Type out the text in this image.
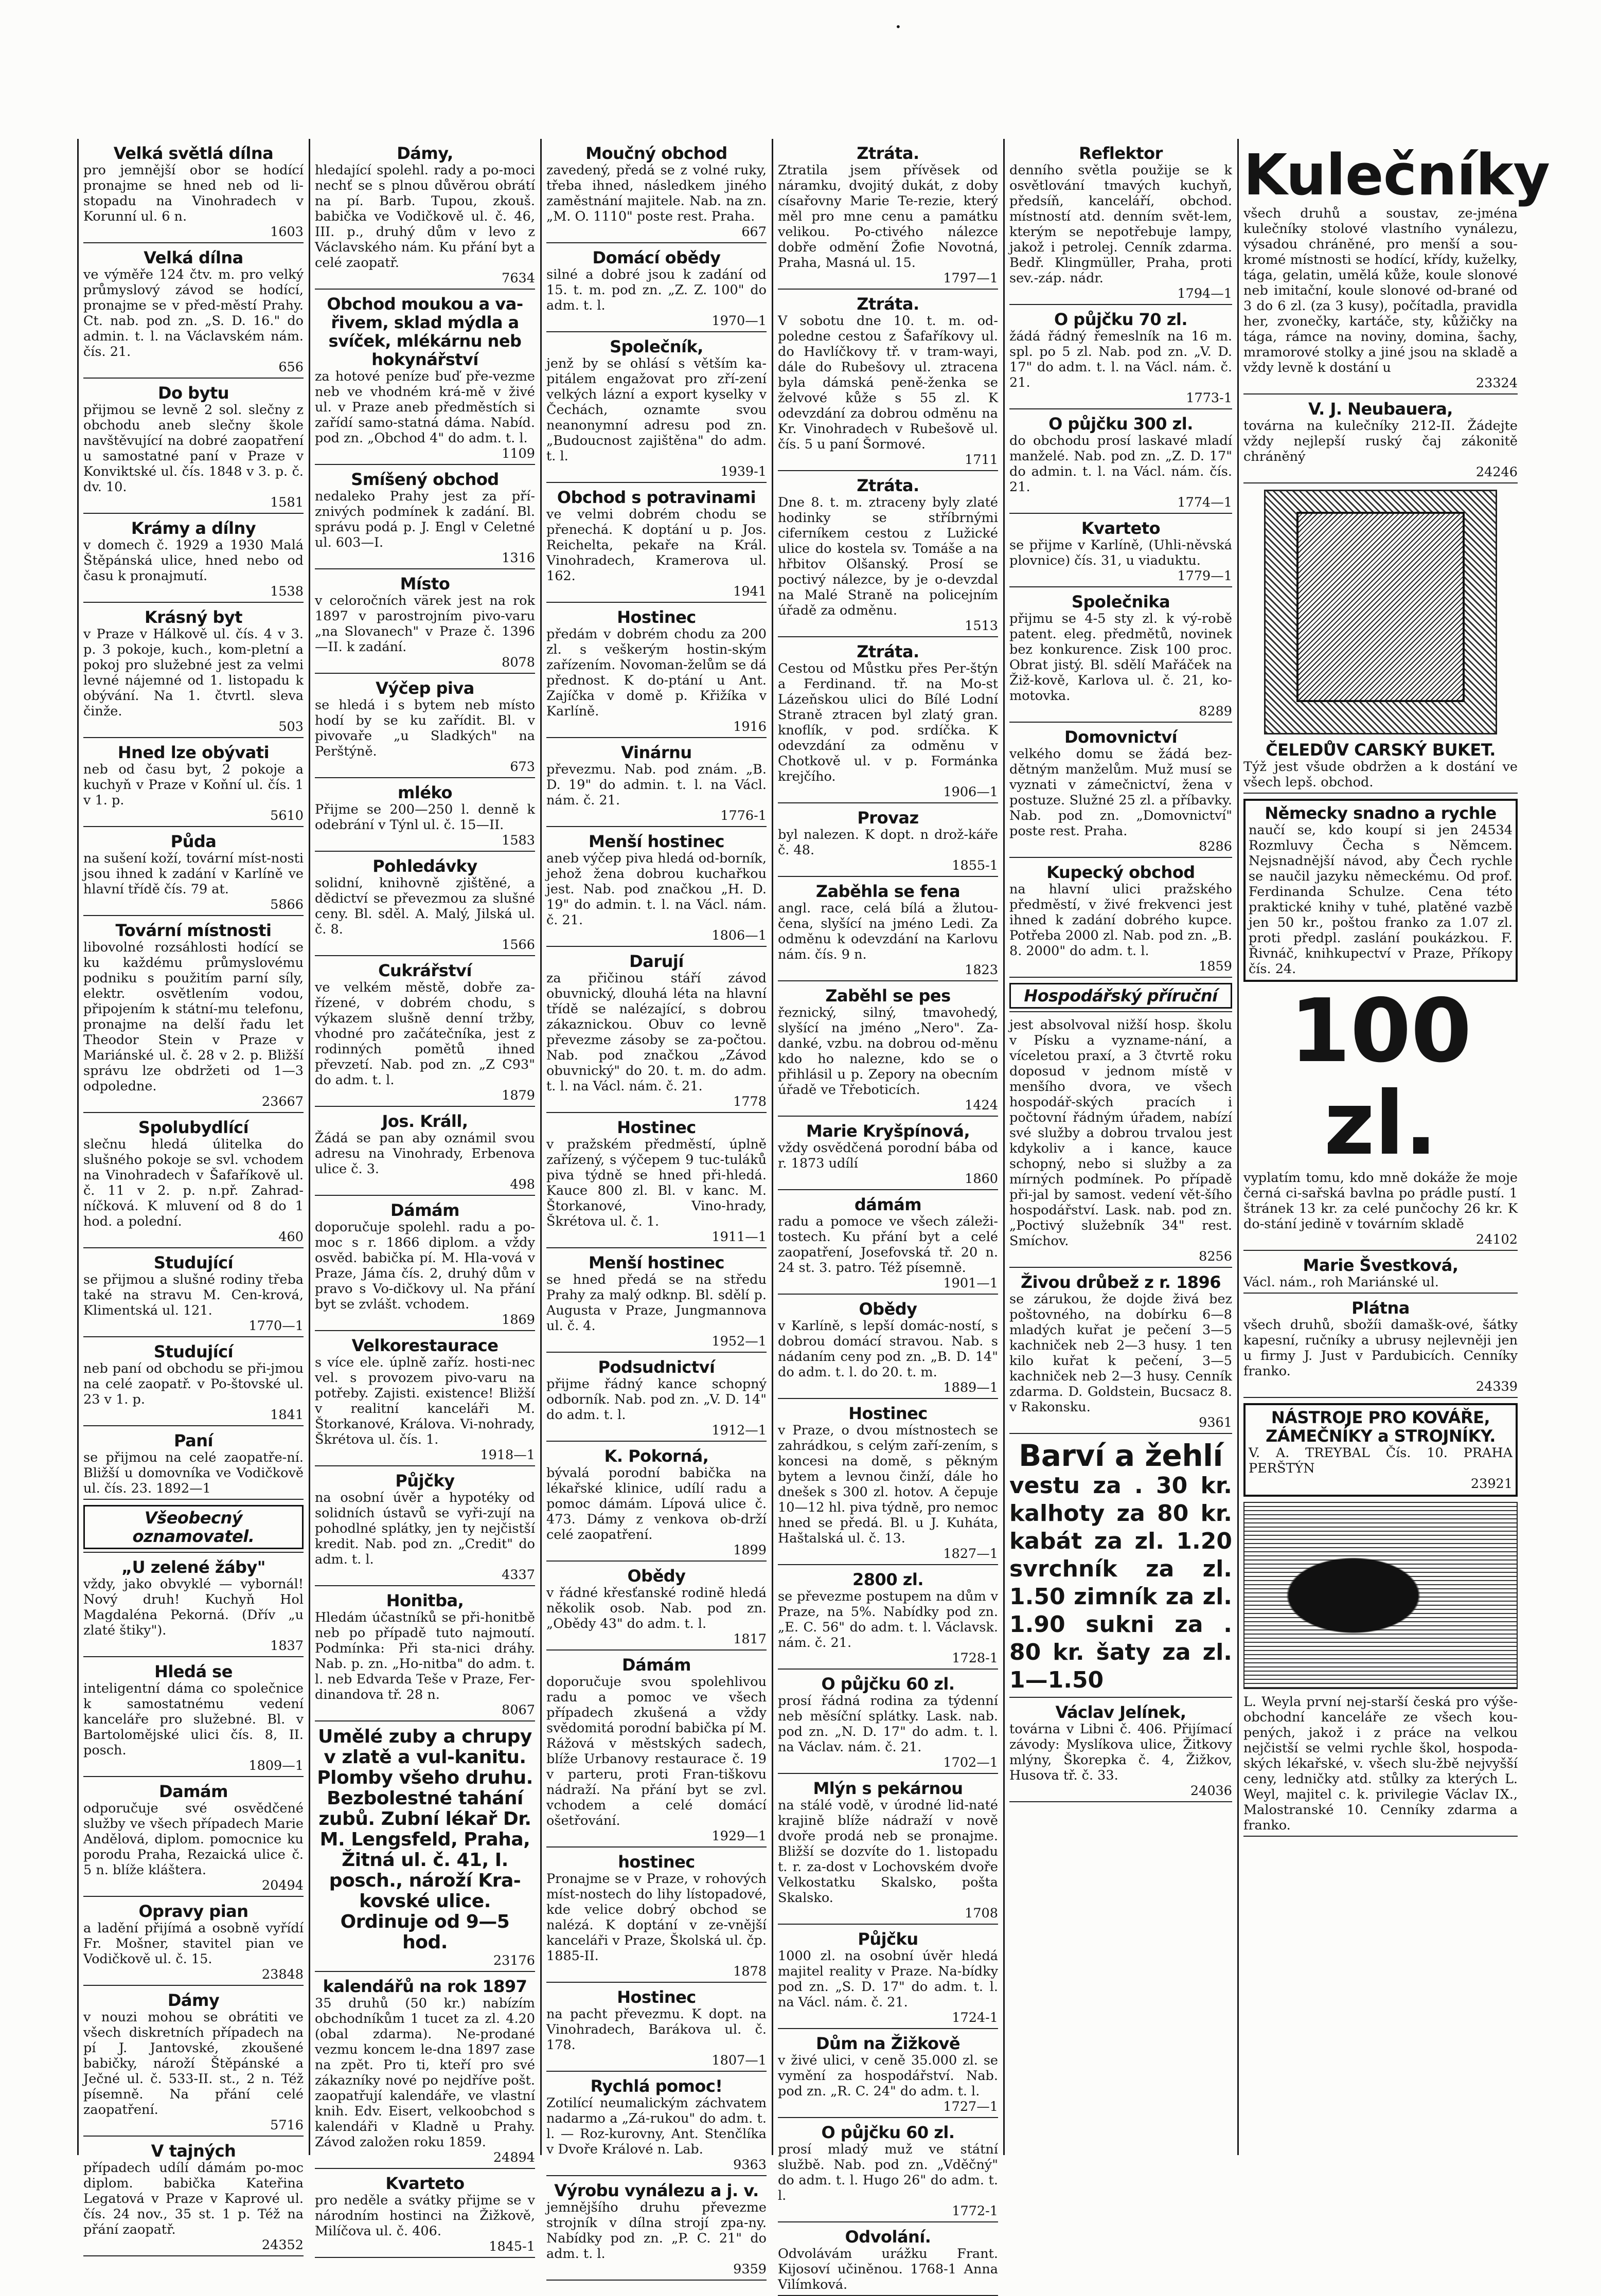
Velká světlá dílna

pro jemnější obor se hodící pronajme se hned neb od li-stopadu na Vinohradech v Korunní ul. 6 n.

1603
Velká dílna

ve výměře 124 čtv. m. pro velký průmyslový závod se hodící, pronajme se v před-městí Prahy. Ct. nab. pod zn. „S. D. 16." do admin. t. l. na Václavském nám. čís. 21.

656
Do bytu

přijmou se levně 2 sol. slečny z obchodu aneb slečny škole navštěvující na dobré zaopatření u samostatné paní v Praze v Konviktské ul. čís. 1848 v 3. p. č. dv. 10.

1581
Krámy a dílny

v domech č. 1929 a 1930 Malá Štěpánská ulice, hned nebo od času k pronajmutí.

1538
Krásný byt

v Praze v Hálkově ul. čís. 4 v 3. p. 3 pokoje, kuch., kom-pletní a pokoj pro služebné jest za velmi levné nájemné od 1. listopadu k obývání. Na 1. čtvrtl. sleva činže.

503
Hned lze obývati

neb od času byt, 2 pokoje a kuchyň v Praze v Koňní ul. čís. 1 v 1. p.

5610
Půda

na sušení koží, tovární míst-nosti jsou ihned k zadání v Karlíně ve hlavní třídě čís. 79 at.

5866
Tovární místnosti

libovolné rozsáhlosti hodící se ku každému průmyslovému podniku s použitím parní síly, elektr. osvětlením vodou, připojením k státní-mu telefonu, pronajme na delší řadu let Theodor Stein v Praze v Mariánské ul. č. 28 v 2. p. Bližší správu lze obdržeti od 1—3 odpoledne.

23667
Spolubydlící

slečnu hledá úlitelka do slušného pokoje se svl. vchodem na Vinohradech v Šafaříkově ul. č. 11 v 2. p. n.př. Zahrad-níčková. K mluvení od 8 do 1 hod. a polední.

460
Studující

se přijmou a slušné rodiny třeba také na stravu M. Cen-krová, Klimentská ul. 121.

1770—1
Studující

neb paní od obchodu se při-jmou na celé zaopatř. v Po-štovské ul. 23 v 1. p.

1841
Paní

se přijmou na celé zaopatře-ní. Bližší u domovníka ve Vodičkově ul. čís. 23. 1892—1

Všeobecný oznamovatel.
„U zelené žáby"

vždy, jako obvyklé — vybornál! Nový druh! Kuchyň Hol Magdaléna Pekorná. (Dřív „u zlaté štiky").

1837
Hledá se

inteligentní dáma co společnice k samostatnému vedení kanceláře pro služebné. Bl. v Bartolomějské ulici čís. 8, II. posch.

1809—1
Damám

odporučuje své osvědčené služby ve všech případech Marie Andělová, diplom. pomocnice ku porodu Praha, Rezaická ulice č. 5 n. blíže kláštera.

20494
Opravy pian

a ladění přijímá a osobně vyřídí Fr. Mošner, stavitel pian ve Vodičkově ul. č. 15.

23848
Dámy

v nouzi mohou se obrátiti ve všech diskretních případech na pí J. Jantovské, zkoušené babičky, nároží Štěpánské a Ječné ul. č. 533-II. st., 2 n. Též písemně. Na přání celé zaopatření.

5716
V tajných

případech udílí dámám po-moc diplom. babička Kateřina Legatová v Praze v Kaprové ul. čís. 24 nov., 35 st. 1 p. Též na přání zaopatř.

24352
Dámy,

hledající spolehl. rady a po-moci nechť se s plnou důvěrou obrátí na pí. Barb. Tupou, zkouš. babička ve Vodičkově ul. č. 46, III. p., druhý dům v levo z Václavského nám. Ku přání byt a celé zaopatř.

7634
Obchod moukou a va-řivem, sklad mýdla a svíček, mlékárnu neb hokynářství

za hotové peníze buď pře-vezme neb ve vhodném krá-mě v živé ul. v Praze aneb předměstích si zařídí samo-statná dáma. Nabíd. pod zn. „Obchod 4" do adm. t. l.

1109
Smíšený obchod

nedaleko Prahy jest za pří-znivých podmínek k zadání. Bl. správu podá p. J. Engl v Celetné ul. 603—I.

1316
Místo

v celoročních värek jest na rok 1897 v parostrojním pivo-varu „na Slovanech" v Praze č. 1396—II. k zadání.

8078
Výčep piva

se hledá i s bytem neb místo hodí by se ku zařídit. Bl. v pivovaře „u Sladkých" na Perštýně.

673
mléko

Přijme se 200—250 l. denně k odebrání v Týnl ul. č. 15—II.

1583
Pohledávky

solidní, knihovně zjištěné, a dědictví se převezmou za slušné ceny. Bl. sděl. A. Malý, Jilská ul. č. 8.

1566
Cukrářství

ve velkém městě, dobře za-řízené, v dobrém chodu, s výkazem slušně denní tržby, vhodné pro začátečníka, jest z rodinných pomětů ihned převzetí. Nab. pod zn. „Z C93" do adm. t. l.

1879
Jos. Králl,

Žádá se pan aby oznámil svou adresu na Vinohrady, Erbenova ulice č. 3.

498
Dámám

doporučuje spolehl. radu a po-moc s r. 1866 diplom. a vždy osvěd. babička pí. M. Hla-vová v Praze, Jámа čís. 2, druhý dům v pravo s Vo-dičkovy ul. Na přání byt se zvlášt. vchodem.

1869
Velkorestaurace

s více ele. úplně zaříz. hosti-nec vel. s provozem pivo-varu na potřeby. Zajisti. existence! Bližší v realitní kanceláři M. Štorkanové, Králova. Vi-nohrady, Škrétova ul. čís. 1.

1918—1
Půjčky

na osobní úvěr a hypotéky od solidních ústavů se vyři-zují na pohodlné splátky, jen ty nejčistší kredit. Nab. pod zn. „Credit" do adm. t. l.

4337
Honitba,

Hledám účastníků se při-honitbě neb po případě tuto najmoutí. Podmínka: Při sta-nici dráhy. Nab. p. zn. „Ho-nitba" do adm. t. l. neb Edvarda Teše v Praze, Fer-dinandova tř. 28 n.

8067
Umělé zuby a chrupy v zlatě a vul-kanitu. Plomby všeho druhu. Bezbolestné tahání zubů. Zubní lékař Dr. M. Lengsfeld, Praha, Žitná ul. č. 41, I. posch., nároží Kra-kovské ulice. Ordinuje od 9—5 hod.
23176
kalendářů na rok 1897

35 druhů (50 kr.) nabízím obchodníkům 1 tucet za zl. 4.20 (obal zdarma). Ne-prodané vezmu koncem le-dna 1897 zase na zpět. Pro ti, kteří pro své zákazníky nové po nejdříve pošt. zaopatřují kalendáře, ve vlastní knih. Edv. Eisert, velkoobchod s kalendáři v Kladně u Prahy. Závod založen roku 1859.

24894
Kvarteto

pro neděle a svátky přijme se v národním hostinci na Žižkově, Milíčova ul. č. 406.

1845-1
Moučný obchod

zavedený, předá se z volné ruky, třeba ihned, následkem jiného zaměstnání majitele. Nab. na zn. „M. O. 1110" poste rest. Praha.

667
Domácí obědy

silné a dobré jsou k zadání od 15. t. m. pod zn. „Z. Z. 100" do adm. t. l.

1970—1
Společník,

jenž by se ohlásí s větším ka-pitálem engažovat pro zří-zení velkých lázní a export kyselky v Čechách, oznamte svou neanonymní adresu pod zn. „Budoucnost zajištěna" do adm. t. l.

1939-1
Obchod s potravinami

ve velmi dobrém chodu se přenechá. K doptání u p. Jos. Reichelta, pekaře na Král. Vinohradech, Kramerova ul. 162.

1941
Hostinec

předám v dobrém chodu za 200 zl. s veškerým hostin-ským zařízením. Novoman-želům se dá přednost. K do-ptání u Ant. Zajíčka v domě p. Křižíka v Karlíně.

1916
Vinárnu

převezmu. Nab. pod znám. „B. D. 19" do admin. t. l. na Václ. nám. č. 21.

1776-1
Menší hostinec

aneb výčep piva hledá od-borník, jehož žena dobrou kuchařkou jest. Nab. pod značkou „H. D. 19" do admin. t. l. na Václ. nám. č. 21.

1806—1
Darují

za přičinou stáří závod obuvnický, dlouhá léta na hlavní třídě se nalézající, s dobrou zákaznickou. Obuv co levně převezme zásoby se za-počtou. Nab. pod značkou „Závod obuvnický" do 20. t. m. do adm. t. l. na Václ. nám. č. 21.

1778
Hostinec

v pražském předměstí, úplně zařízený, s výčepem 9 tuc-tuláků piva týdně se hned při-hledá. Kauce 800 zl. Bl. v kanc. M. Štorkanové, Vino-hrady, Škrétova ul. č. 1.

1911—1
Menší hostinec

se hned předá se na středu Prahy za malý odknp. Bl. sdělí p. Augusta v Praze, Jungmannova ul. č. 4.

1952—1
Podsudnictví

přijme řádný kance schopný odborník. Nab. pod zn. „V. D. 14" do adm. t. l.

1912—1
K. Pokorná,

bývalá porodní babička na lékařské klinice, udílí radu a pomoc dámám. Lípová ulice č. 473. Dámy z venkova ob-drží celé zaopatření.

1899
Obědy

v řádné křesťanské rodině hledá několik osob. Nab. pod zn. „Obědy 43" do adm. t. l.

1817
Dámám

doporučuje svou spolehlivou radu a pomoc ve všech případech zkušená a vždy svědomitá porodní babička pí M. Rážová v městských sadech, blíže Urbanovy restaurace č. 19 v parteru, proti Fran-tiškovu nádraží. Na přání byt se zvl. vchodem a celé domácí ošetřování.

1929—1
hostinec

Pronajme se v Praze, v rohových míst-nostech do lihy lístopadové, kde velice dobrý obchod se nalézá. K doptání v ze-vnější kanceláři v Praze, Školská ul. čp. 1885-II.

1878
Hostinec

na pacht převezmu. K dopt. na Vinohradech, Barákova ul. č. 178.

1807—1
Rychlá pomoc!

Zotilící neumalickým záchvatem nadarmo a „Zá-rukou" do adm. t. l. — Roz-kurovny, Ant. Stenčlíka v Dvoře Králové n. Lab.

9363
Výrobu vynálezu a j. v.

jemnějšího druhu převezme strojník v dílna strojí zpa-ny. Nabídky pod zn. „P. C. 21" do adm. t. l.

9359
Ztráta.

Ztratila jsem přívěsek od náramku, dvojitý dukát, z doby císařovny Marie Te-rezie, který měl pro mne cenu a památku velikou. Po-ctivého nálezce dobře odmění Žofie Novotná, Praha, Masná ul. 15.

1797—1
Ztráta.

V sobotu dne 10. t. m. od-poledne cestou z Šafaříkovy ul. do Havlíčkovy tř. v tram-wayi, dále do Rubešovy ul. ztracena byla dámská peně-ženka se želvové kůže s 55 zl. K odevzdání za dobrou odměnu na Kr. Vinohradech v Rubešově ul. čís. 5 u paní Šormové.

1711
Ztráta.

Dne 8. t. m. ztraceny byly zlaté hodinky se stříbrnými ciferníkem cestou z Lužické ulice do kostela sv. Tomáše a na hřbitov Olšanský. Prosí se poctivý nálezce, by je o-devzdal na Malé Straně na policejním úřadě za odměnu.

1513
Ztráta.

Cestou od Můstku přes Per-štýn a Ferdinand. tř. na Mo-st Lázeňskou ulici do Bílé Lodní Straně ztracen byl zlatý gran. knoflík, v pod. srdíčka. K odevzdání za odměnu v Chotkově ul. v p. Formánka krejčího.

1906—1
Provaz

byl nalezen. K dopt. n drož-káře č. 48.

1855-1
Zaběhla se fena

angl. race, celá bílá a žlutou-čena, slyšící na jméno Ledi. Za odměnu k odevzdání na Karlovu nám. čís. 9 n.

1823
Zaběhl se pes

řeznický, silný, tmavohedý, slyšící na jméno „Nero". Za-danké, vzbu. na dobrou od-měnu kdo ho nalezne, kdo se o přihlásil u p. Zepory na obecním úřadě ve Třeboticích.

1424
Marie Kryšpínová,

vždy osvědčená porodní bába od r. 1873 udílí

1860
dámám

radu a pomoce ve všech záleži-tostech. Ku přání byt a celé zaopatření, Josefovská tř. 20 n. 24 st. 3. patro. Též písemně.

1901—1
Obědy

v Karlíně, s lepší domác-ností, s dobrou domácí stravou. Nab. s nádaním ceny pod zn. „B. D. 14" do adm. t. l. do 20. t. m.

1889—1
Hostinec

v Praze, o dvou místnostech se zahrádkou, s celým zaří-zením, s koncesi na domě, s pěkným bytem a levnou činží, dále ho dnešek s 300 zl. hotov. A čepuje 10—12 hl. piva týdně, pro nemoc hned se předá. Bl. u J. Kuháta, Haštalská ul. č. 13.

1827—1
2800 zl.

se převezme postupem na dům v Praze, na 5%. Nabídky pod zn. „E. C. 56" do adm. t. l. Václavsk. nám. č. 21.

1728-1
O půjčku 60 zl.

prosí řádná rodina za týdenní neb měsíční splátky. Lask. nab. pod zn. „N. D. 17" do adm. t. l. na Václav. nám. č. 21.

1702—1
Mlýn s pekárnou

na stálé vodě, v úrodné lid-naté krajině blíže nádraží v nově dvoře prodá neb se pronajme. Bližší se dozvíte do 1. listopadu t. r. za-dost v Lochovském dvoře Velkostatku Skalsko, pošta Skalsko.

1708
Půjčku

1000 zl. na osobní úvěr hledá majitel reality v Praze. Na-bídky pod zn. „S. D. 17" do adm. t. l. na Václ. nám. č. 21.

1724-1
Dům na Žižkově

v živé ulici, v ceně 35.000 zl. se vymění za hospodářství. Nab. pod zn. „R. C. 24" do adm. t. l.

1727—1
O půjčku 60 zl.

prosí mladý muž ve státní službě. Nab. pod zn. „Vděčný" do adm. t. l. Hugo 26" do adm. t. l.

1772-1
Odvolání.

Odvolávám urážku Frant. Kijosoví učiněnou. 1768-1 Anna Vilímková.

Reflektor

denního světla použije se k osvětlování tmavých kuchyň, předsíň, kanceláří, obchod. místností atd. denním svět-lem, kterým se nepotřebuje lampy, jakož i petrolej. Cenník zdarma. Bedř. Klingmüller, Praha, proti sev.-záp. nádr.

1794—1
O půjčku 70 zl.

žádá řádný řemeslník na 16 m. spl. po 5 zl. Nab. pod zn. „V. D. 17" do adm. t. l. na Václ. nám. č. 21.

1773-1
O půjčku 300 zl.

do obchodu prosí laskavé mladí manželé. Nab. pod zn. „Z. D. 17" do admin. t. l. na Václ. nám. čís. 21.

1774—1
Kvarteto

se přijme v Karlíně, (Uhli-něvská plovnice) čís. 31, u viaduktu.

1779—1
Společnika

přijmu se 4-5 sty zl. k vý-robě patent. eleg. předmětů, novinek bez konkurence. Zisk 100 proc. Obrat jistý. Bl. sdělí Mařáček na Žiž-kově, Karlova ul. č. 21, ko-motovka.

8289
Domovnictví

velkého domu se žádá bez-dětným manželům. Muž musí se vyznati v zámečnictví, žena v postuze. Služné 25 zl. a příbavky. Nab. pod zn. „Domovnictví" poste rest. Praha.

8286
Kupecký obchod

na hlavní ulici pražského předměstí, v živé frekvenci jest ihned k zadání dobrého kupce. Potřeba 2000 zl. Nab. pod zn. „B. 8. 2000" do adm. t. l.

1859
Hospodářský příruční

jest absolvoval nižší hosp. školu v Písku a vyzname-nání, a víceletou praxí, a 3 čtvrtě roku doposud v jednom místě v menšího dvora, ve všech hospodář-ských pracích i počtovní řádným úřadem, nabízí své služby a dobrou trvalou jest kdykoliv a i kance, kauce schopný, nebo si služby a za mírných podmínek. Po případě při-jal by samost. vedení vět-šího hospodářství. Lask. nab. pod zn. „Poctivý služebník 34" rest. Smíchov.

8256
Živou drůbež z r. 1896

se zárukou, že dojde živá bez poštovného, na dobírku 6—8 mladých kuřat je pečení 3—5 kachniček neb 2—3 husy. 1 ten kilo kuřat k pečení, 3—5 kachniček neb 2—3 husy. Cenník zdarma. D. Goldstein, Bucsacz 8. v Rakonsku.

9361
Barví a žehlí

vestu za . 30 kr. kalhoty za 80 kr. kabát za zl. 1.20 svrchník za zl. 1.50 zimník za zl. 1.90 sukni za . 80 kr. šaty za zl. 1—1.50

Václav Jelínek,

továrna v Libni č. 406. Přijímací závody: Myslíkova ulice, Žitkovy mlýny, Škorepka č. 4, Žižkov, Husova tř. č. 33.

24036
Kulečníky

všech druhů a soustav, ze-jména kulečníky stolové vlastního vynálezu, výsadou chráněné, pro menší a sou-kromé místnosti se hodící, křídy, kuželky, tága, gelatin, umělá kůže, koule slonové neb imitační, koule slonové od-brané od 3 do 6 zl. (za 3 kusy), počítadla, pravidla her, zvonečky, kartáče, sty, kůžičky na tága, rámce na noviny, domina, šachy, mramorové stolky a jiné jsou na skladě a vždy levně k dostání u

23324
V. J. Neubauera,

továrna na kulečníky 212-II. Žádejte vždy nejlepší ruský čaj zákonitě chráněný

24246
ČELEDŮV CARSKÝ BUKET.

Týž jest všude obdržen a k dostání ve všech lepš. obchod.

Německy snadno a rychle

naučí se, kdo koupí si jen 24534 Rozmluvy Čecha s Němcem. Nejsnadnější návod, aby Čech rychle se naučil jazyku německému. Od prof. Ferdinanda Schulze. Cena této praktické knihy v tuhé, platěné vazbě jen 50 kr., poštou franko za 1.07 zl. proti předpl. zaslání poukázkou. F. Řivnáč, knihkupectví v Praze, Příkopy čís. 24.

100 zl.

vyplatím tomu, kdo mně dokáže že moje černá ci-sařská bavlna po prádle pustí. 1 štránek 13 kr. za celé punčochy 26 kr. K do-stání jedině v továrním skladě

24102
Marie Švestková,

Václ. nám., roh Mariánské ul.

Plátna

všech druhů, sbožíi damašk-ové, šátky kapesní, ručníky a ubrusy nejlevněji jen u firmy J. Just v Pardubicích. Cenníky franko.

24339
NÁSTROJE PRO KOVÁŘE, ZÁMEČNÍKY a STROJNÍKY.

V. A. TREYBAL Čís. 10. PRAHA PERŠTÝN

23921

L. Weyla první nej-starší česká pro výše-obchodní kanceláře ze všech kou-pených, jakož i z práce na velkou nejčistší se velmi rychle škol, hospoda-ských lékařské, v. všech slu-žbě nejvyšší ceny, ledničky atd. stůlky za kterých L. Weyl, majitel c. k. privilegie Václav IX., Malostranské 10. Cenníky zdarma a franko.

•
